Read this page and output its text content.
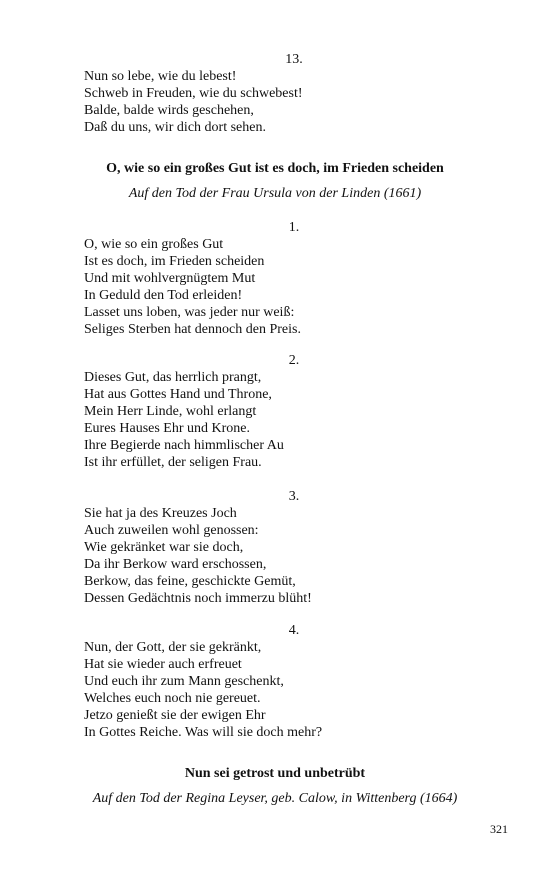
13.
Nun so lebe, wie du lebest!
Schweb in Freuden, wie du schwebest!
Balde, balde wirds geschehen,
Daß du uns, wir dich dort sehen.
O, wie so ein großes Gut ist es doch, im Frieden scheiden
Auf den Tod der Frau Ursula von der Linden (1661)
1.
O, wie so ein großes Gut
Ist es doch, im Frieden scheiden
Und mit wohlvergnügtem Mut
In Geduld den Tod erleiden!
Lasset uns loben, was jeder nur weiß:
Seliges Sterben hat dennoch den Preis.
2.
Dieses Gut, das herrlich prangt,
Hat aus Gottes Hand und Throne,
Mein Herr Linde, wohl erlangt
Eures Hauses Ehr und Krone.
Ihre Begierde nach himmlischer Au
Ist ihr erfüllet, der seligen Frau.
3.
Sie hat ja des Kreuzes Joch
Auch zuweilen wohl genossen:
Wie gekränket war sie doch,
Da ihr Berkow ward erschossen,
Berkow, das feine, geschickte Gemüt,
Dessen Gedächtnis noch immerzu blüht!
4.
Nun, der Gott, der sie gekränkt,
Hat sie wieder auch erfreuet
Und euch ihr zum Mann geschenkt,
Welches euch noch nie gereuet.
Jetzo genießt sie der ewigen Ehr
In Gottes Reiche. Was will sie doch mehr?
Nun sei getrost und unbetrübt
Auf den Tod der Regina Leyser, geb. Calow, in Wittenberg (1664)
321
